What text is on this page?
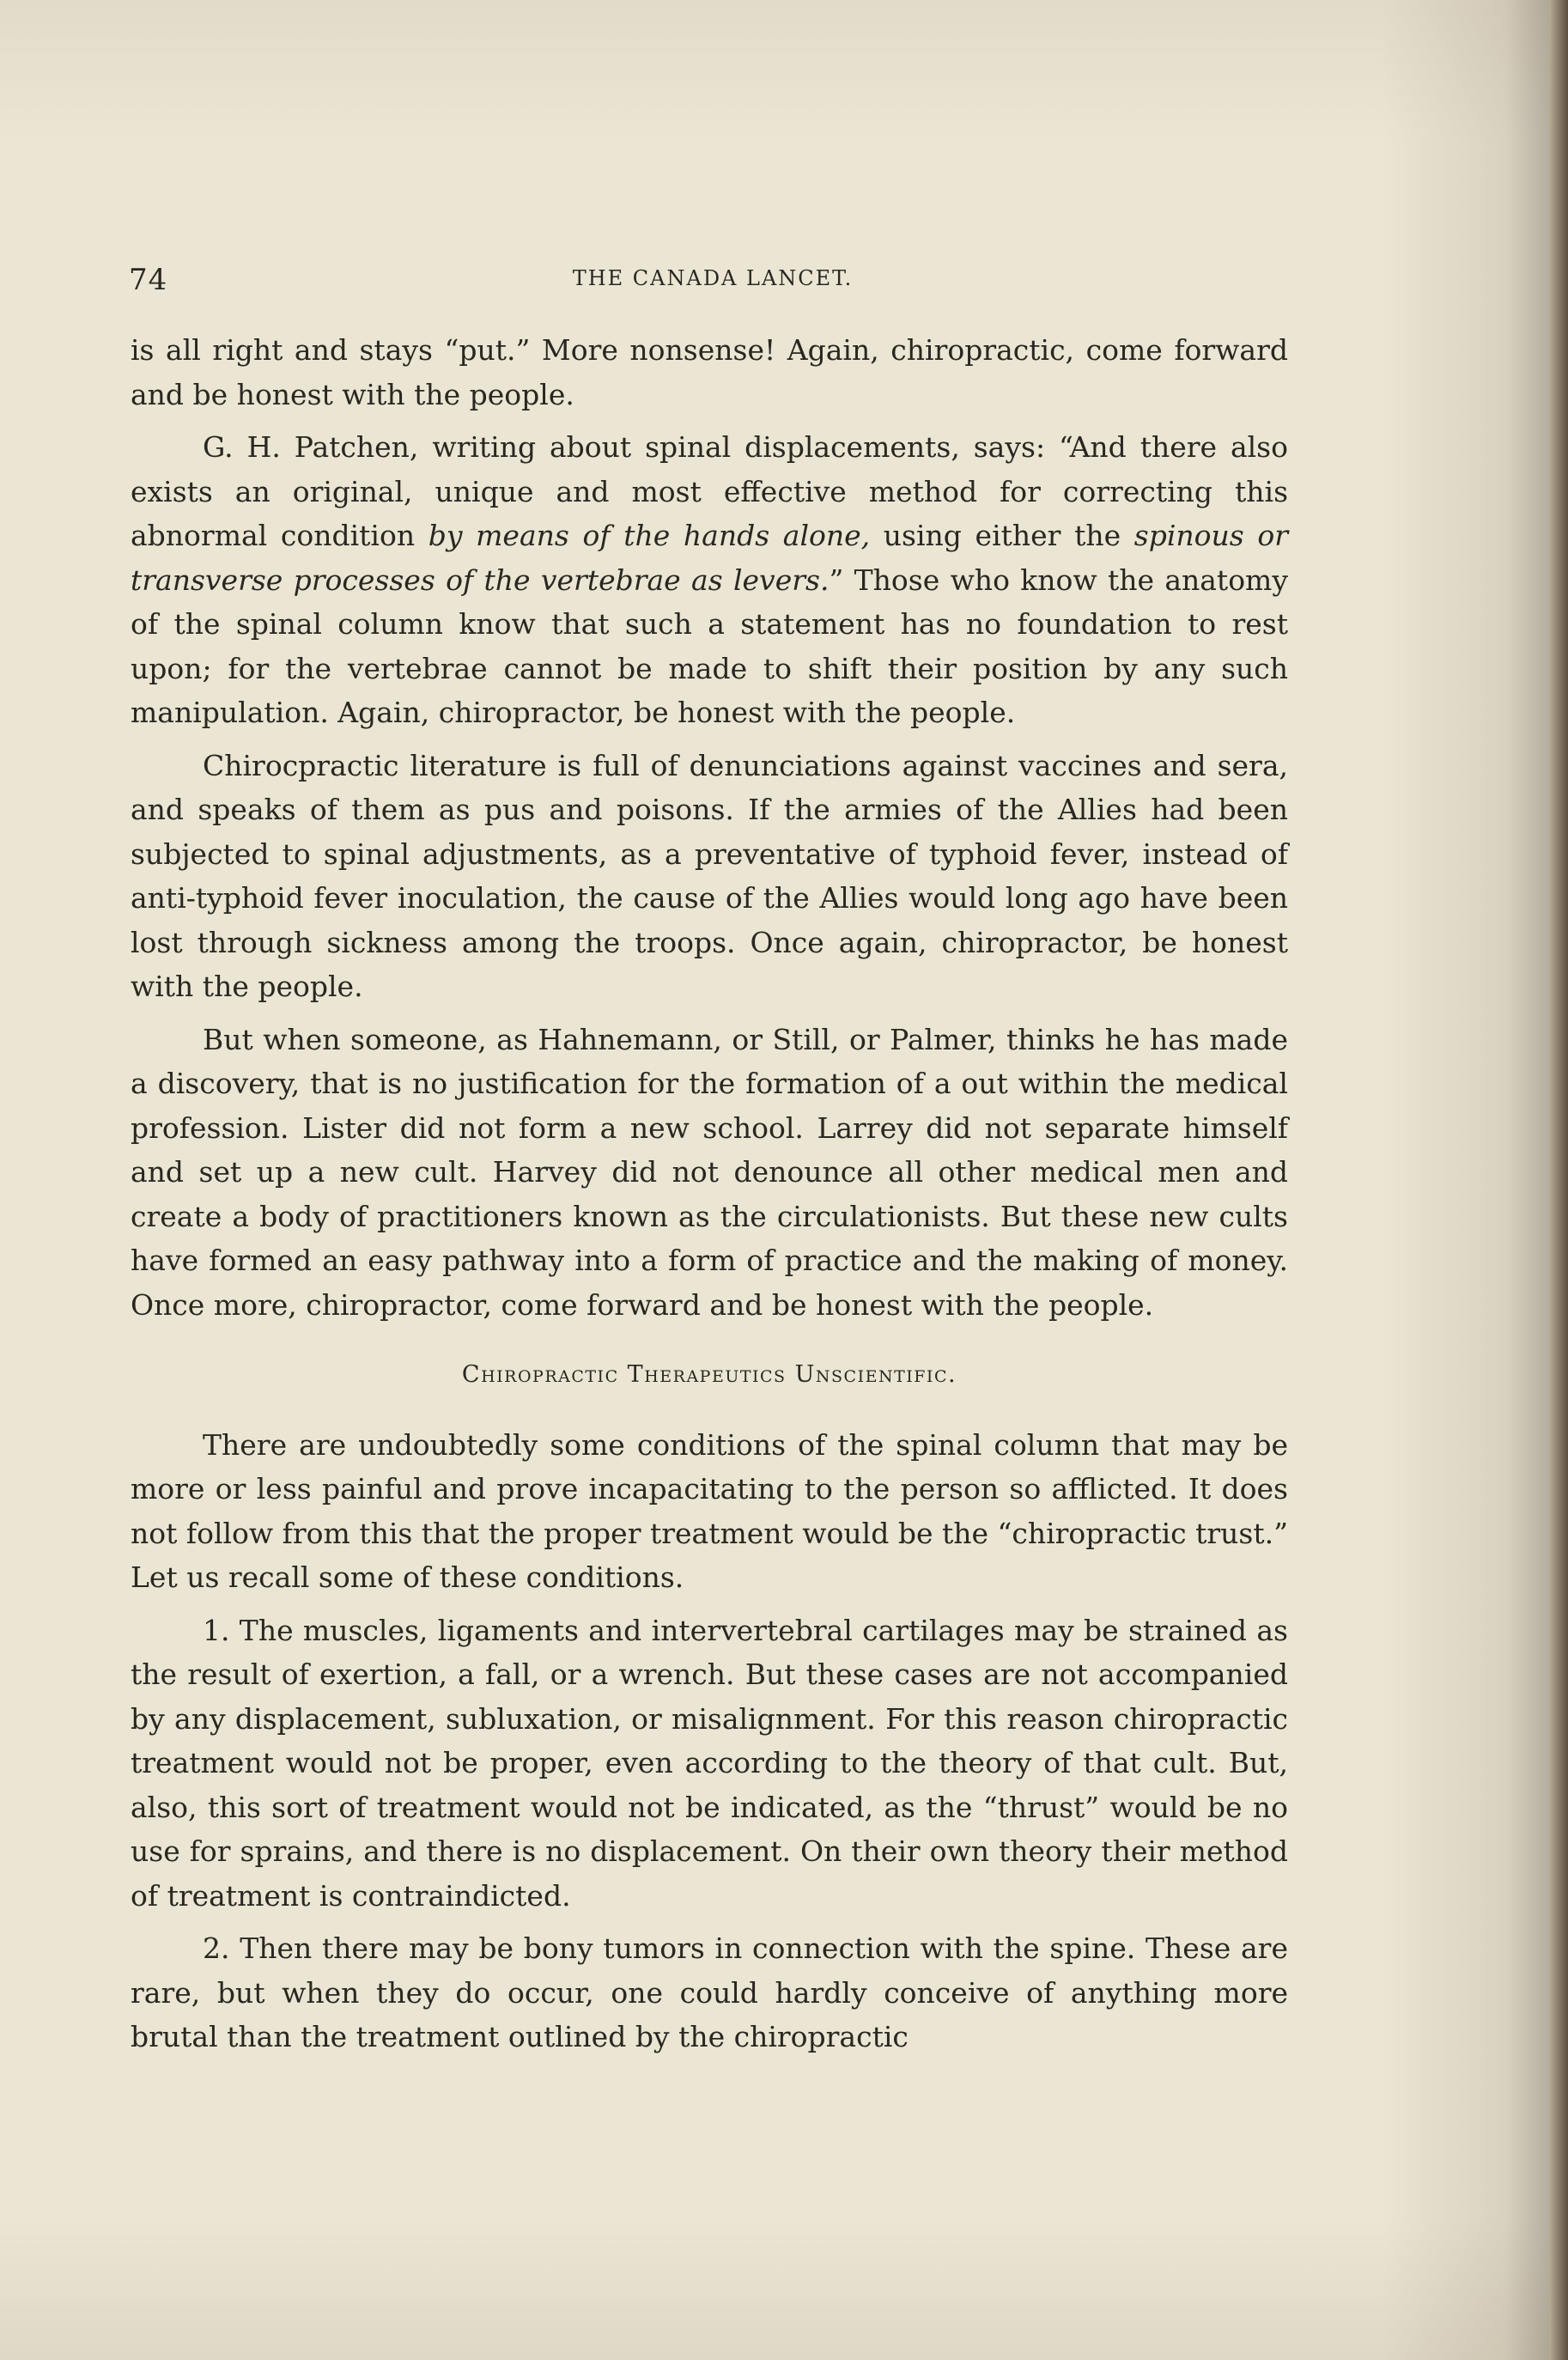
74	THE CANADA LANCET.

is all right and stays “put.” More nonsense! Again, chiropractic, come forward and be honest with the people.

G. H. Patchen, writing about spinal displacements, says: “And there also exists an original, unique and most effective method for correcting this abnormal condition by means of the hands alone, using either the spinous or transverse processes of the vertebrae as levers.” Those who know the anatomy of the spinal column know that such a statement has no foundation to rest upon; for the vertebrae cannot be made to shift their position by any such manipulation. Again, chiropractor, be honest with the people.

Chirocpractic literature is full of denunciations against vaccines and sera, and speaks of them as pus and poisons. If the armies of the Allies had been subjected to spinal adjustments, as a preventative of typhoid fever, instead of anti-typhoid fever inoculation, the cause of the Allies would long ago have been lost through sickness among the troops. Once again, chiropractor, be honest with the people.

But when someone, as Hahnemann, or Still, or Palmer, thinks he has made a discovery, that is no justification for the formation of a out within the medical profession. Lister did not form a new school. Larrey did not separate himself and set up a new cult. Harvey did not denounce all other medical men and create a body of practitioners known as the circulationists. But these new cults have formed an easy pathway into a form of practice and the making of money. Once more, chiropractor, come forward and be honest with the people.

Chiropractic Therapeutics Unscientific.

There are undoubtedly some conditions of the spinal column that may be more or less painful and prove incapacitating to the person so afflicted. It does not follow from this that the proper treatment would be the “chiropractic trust.” Let us recall some of these conditions.

1. The muscles, ligaments and intervertebral cartilages may be strained as the result of exertion, a fall, or a wrench. But these cases are not accompanied by any displacement, subluxation, or misalignment. For this reason chiropractic treatment would not be proper, even according to the theory of that cult. But, also, this sort of treatment would not be indicated, as the “thrust” would be no use for sprains, and there is no displacement. On their own theory their method of treatment is contraindicted.

2. Then there may be bony tumors in connection with the spine. These are rare, but when they do occur, one could hardly conceive of anything more brutal than the treatment outlined by the chiropractic
